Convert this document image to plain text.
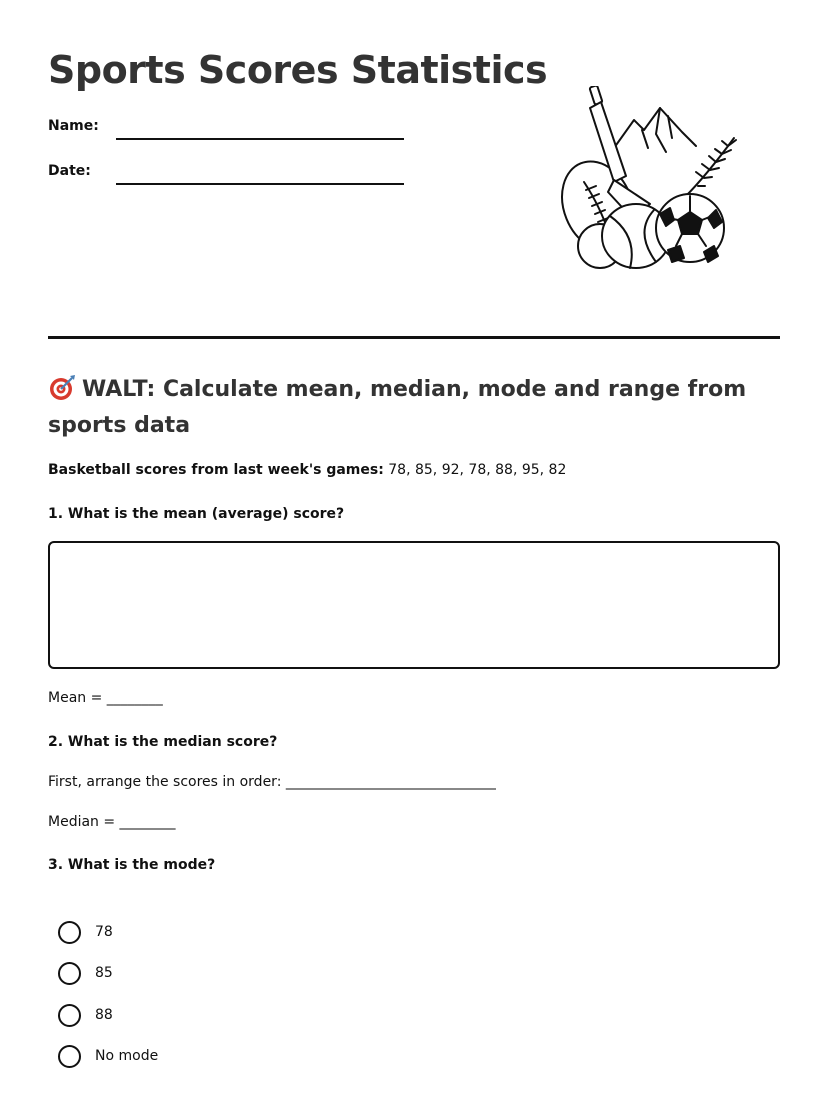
Sports Scores Statistics
Name:
Date:
WALT: Calculate mean, median, mode and range from sports data
Basketball scores from last week's games: 78, 85, 92, 78, 88, 95, 82
1. What is the mean (average) score?
Mean = ________
2. What is the median score?
First, arrange the scores in order: ______________________________
Median = ________
3. What is the mode?
78
85
88
No mode
